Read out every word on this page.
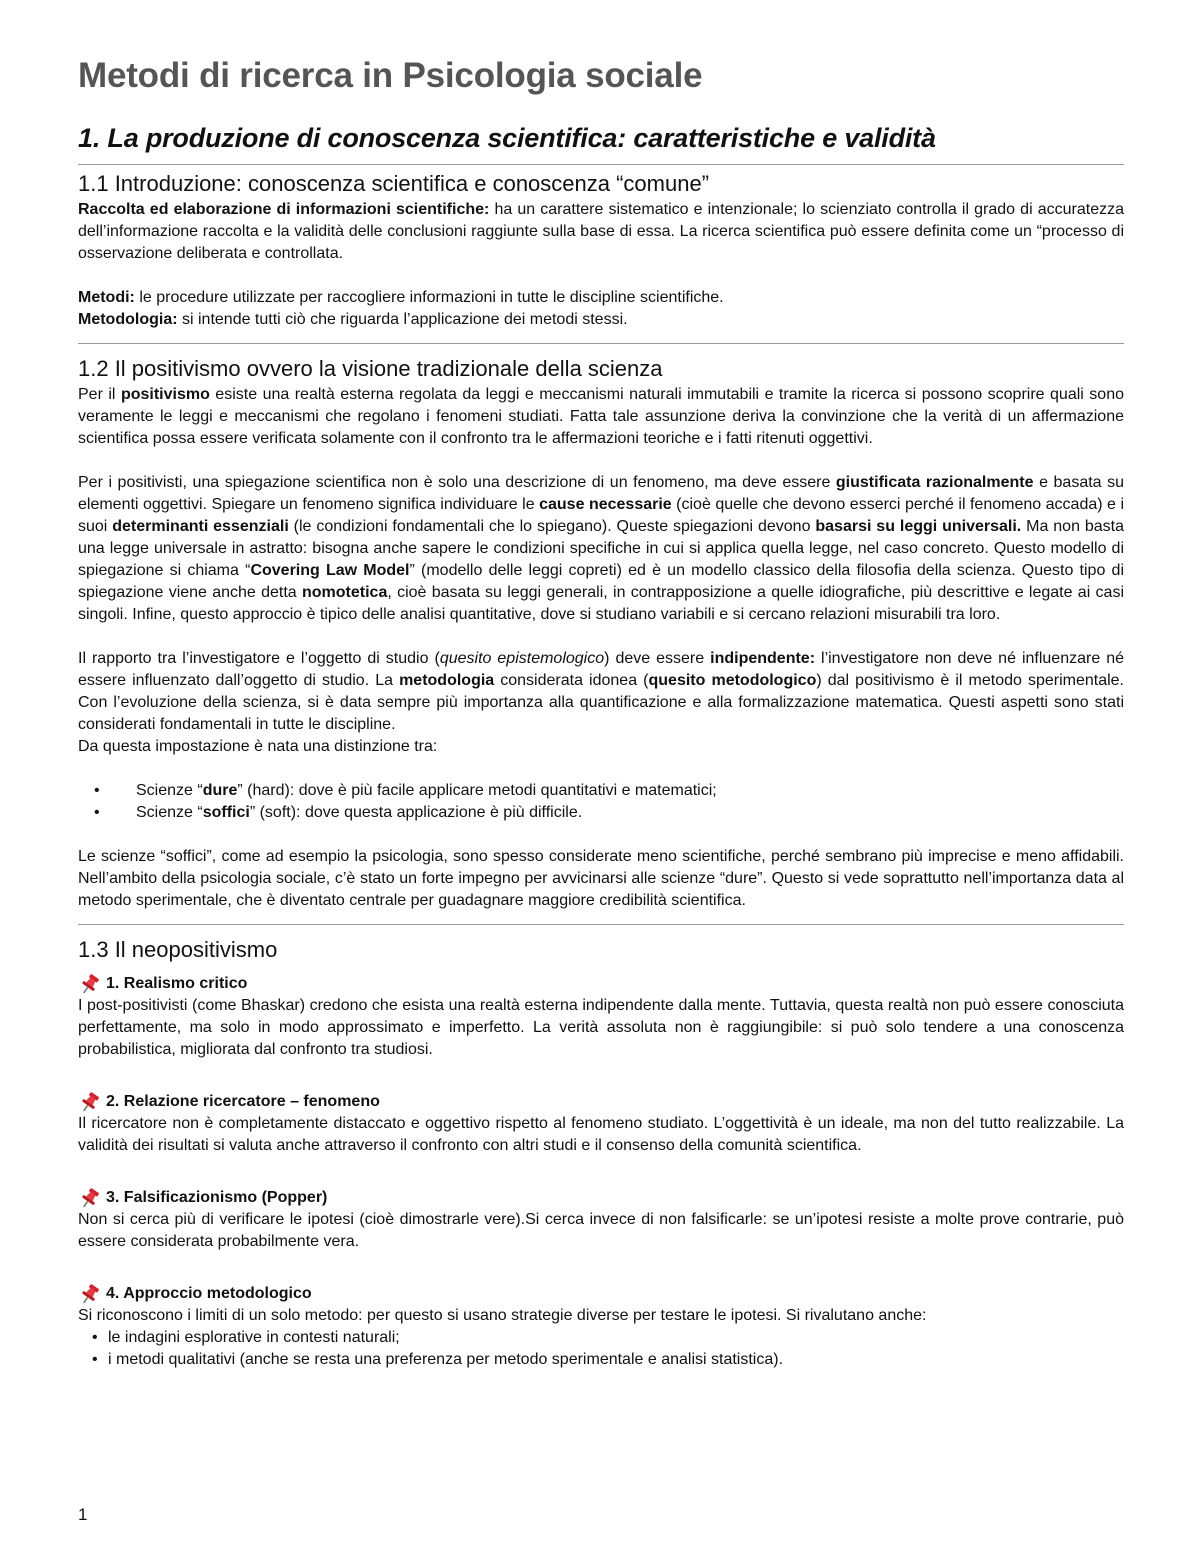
Metodi di ricerca in Psicologia sociale
1. La produzione di conoscenza scientifica: caratteristiche e validità
1.1 Introduzione: conoscenza scientifica e conoscenza “comune”

Raccolta ed elaborazione di informazioni scientifiche: ha un carattere sistematico e intenzionale; lo scienziato controlla il grado di accuratezza dell’informazione raccolta e la validità delle conclusioni raggiunte sulla base di essa. La ricerca scientifica può essere definita come un “processo di osservazione deliberata e controllata.

Metodi: le procedure utilizzate per raccogliere informazioni in tutte le discipline scientifiche.

Metodologia: si intende tutti ciò che riguarda l’applicazione dei metodi stessi.

1.2 Il positivismo ovvero la visione tradizionale della scienza

Per il positivismo esiste una realtà esterna regolata da leggi e meccanismi naturali immutabili e tramite la ricerca si possono scoprire quali sono veramente le leggi e meccanismi che regolano i fenomeni studiati. Fatta tale assunzione deriva la convinzione che la verità di un affermazione scientifica possa essere verificata solamente con il confronto tra le affermazioni teoriche e i fatti ritenuti oggettivi.

Per i positivisti, una spiegazione scientifica non è solo una descrizione di un fenomeno, ma deve essere giustificata razionalmente e basata su elementi oggettivi. Spiegare un fenomeno significa individuare le cause necessarie (cioè quelle che devono esserci perché il fenomeno accada) e i suoi determinanti essenziali (le condizioni fondamentali che lo spiegano). Queste spiegazioni devono basarsi su leggi universali. Ma non basta una legge universale in astratto: bisogna anche sapere le condizioni specifiche in cui si applica quella legge, nel caso concreto. Questo modello di spiegazione si chiama “Covering Law Model” (modello delle leggi copreti) ed è un modello classico della filosofia della scienza. Questo tipo di spiegazione viene anche detta nomotetica, cioè basata su leggi generali, in contrapposizione a quelle idiografiche, più descrittive e legate ai casi singoli. Infine, questo approccio è tipico delle analisi quantitative, dove si studiano variabili e si cercano relazioni misurabili tra loro.

Il rapporto tra l’investigatore e l’oggetto di studio (quesito epistemologico) deve essere indipendente: l’investigatore non deve né influenzare né essere influenzato dall’oggetto di studio. La metodologia considerata idonea (quesito metodologico) dal positivismo è il metodo sperimentale. Con l’evoluzione della scienza, si è data sempre più importanza alla quantificazione e alla formalizzazione matematica. Questi aspetti sono stati considerati fondamentali in tutte le discipline.

Da questa impostazione è nata una distinzione tra:

• Scienze “dure” (hard): dove è più facile applicare metodi quantitativi e matematici;
• Scienze “soffici” (soft): dove questa applicazione è più difficile.

Le scienze “soffici”, come ad esempio la psicologia, sono spesso considerate meno scientifiche, perché sembrano più imprecise e meno affidabili. Nell’ambito della psicologia sociale, c’è stato un forte impegno per avvicinarsi alle scienze “dure”. Questo si vede soprattutto nell’importanza data al metodo sperimentale, che è diventato centrale per guadagnare maggiore credibilità scientifica.

1.3 Il neopositivismo
1. Realismo critico

I post-positivisti (come Bhaskar) credono che esista una realtà esterna indipendente dalla mente. Tuttavia, questa realtà non può essere conosciuta perfettamente, ma solo in modo approssimato e imperfetto. La verità assoluta non è raggiungibile: si può solo tendere a una conoscenza probabilistica, migliorata dal confronto tra studiosi.

2. Relazione ricercatore – fenomeno

Il ricercatore non è completamente distaccato e oggettivo rispetto al fenomeno studiato. L’oggettività è un ideale, ma non del tutto realizzabile. La validità dei risultati si valuta anche attraverso il confronto con altri studi e il consenso della comunità scientifica.

3. Falsificazionismo (Popper)

Non si cerca più di verificare le ipotesi (cioè dimostrarle vere).Si cerca invece di non falsificarle: se un’ipotesi resiste a molte prove contrarie, può essere considerata probabilmente vera.

4. Approccio metodologico

Si riconoscono i limiti di un solo metodo: per questo si usano strategie diverse per testare le ipotesi. Si rivalutano anche:

• le indagini esplorative in contesti naturali;
• i metodi qualitativi (anche se resta una preferenza per metodo sperimentale e analisi statistica).
1
